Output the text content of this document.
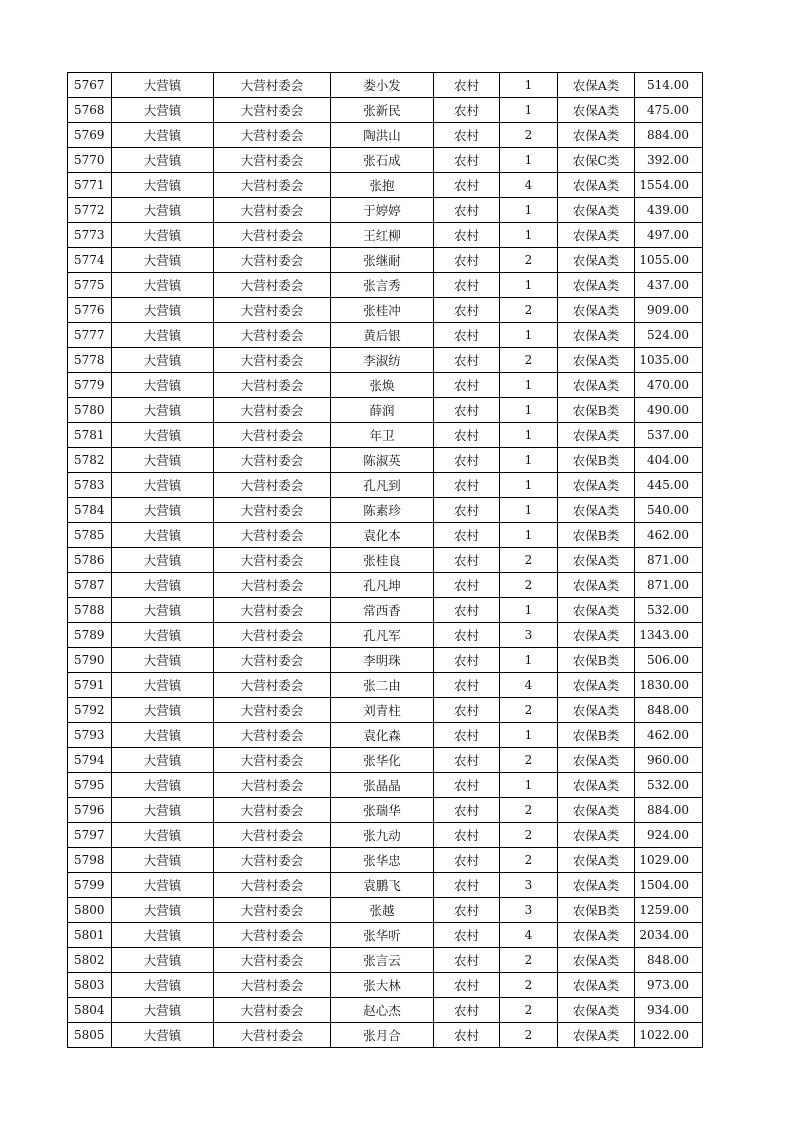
5767	大营镇	大营村委会	娄小发	农村	1	农保A类	514.00
5768	大营镇	大营村委会	张新民	农村	1	农保A类	475.00
5769	大营镇	大营村委会	陶洪山	农村	2	农保A类	884.00
5770	大营镇	大营村委会	张石成	农村	1	农保C类	392.00
5771	大营镇	大营村委会	张抱	农村	4	农保A类	1554.00
5772	大营镇	大营村委会	于婷婷	农村	1	农保A类	439.00
5773	大营镇	大营村委会	王红柳	农村	1	农保A类	497.00
5774	大营镇	大营村委会	张继耐	农村	2	农保A类	1055.00
5775	大营镇	大营村委会	张言秀	农村	1	农保A类	437.00
5776	大营镇	大营村委会	张桂冲	农村	2	农保A类	909.00
5777	大营镇	大营村委会	黄后银	农村	1	农保A类	524.00
5778	大营镇	大营村委会	李淑纺	农村	2	农保A类	1035.00
5779	大营镇	大营村委会	张焕	农村	1	农保A类	470.00
5780	大营镇	大营村委会	薛润	农村	1	农保B类	490.00
5781	大营镇	大营村委会	年卫	农村	1	农保A类	537.00
5782	大营镇	大营村委会	陈淑英	农村	1	农保B类	404.00
5783	大营镇	大营村委会	孔凡到	农村	1	农保A类	445.00
5784	大营镇	大营村委会	陈素珍	农村	1	农保A类	540.00
5785	大营镇	大营村委会	袁化本	农村	1	农保B类	462.00
5786	大营镇	大营村委会	张桂良	农村	2	农保A类	871.00
5787	大营镇	大营村委会	孔凡坤	农村	2	农保A类	871.00
5788	大营镇	大营村委会	常西香	农村	1	农保A类	532.00
5789	大营镇	大营村委会	孔凡军	农村	3	农保A类	1343.00
5790	大营镇	大营村委会	李明珠	农村	1	农保B类	506.00
5791	大营镇	大营村委会	张二由	农村	4	农保A类	1830.00
5792	大营镇	大营村委会	刘青柱	农村	2	农保A类	848.00
5793	大营镇	大营村委会	袁化森	农村	1	农保B类	462.00
5794	大营镇	大营村委会	张华化	农村	2	农保A类	960.00
5795	大营镇	大营村委会	张晶晶	农村	1	农保A类	532.00
5796	大营镇	大营村委会	张瑞华	农村	2	农保A类	884.00
5797	大营镇	大营村委会	张九动	农村	2	农保A类	924.00
5798	大营镇	大营村委会	张华忠	农村	2	农保A类	1029.00
5799	大营镇	大营村委会	袁鹏飞	农村	3	农保A类	1504.00
5800	大营镇	大营村委会	张越	农村	3	农保B类	1259.00
5801	大营镇	大营村委会	张华听	农村	4	农保A类	2034.00
5802	大营镇	大营村委会	张言云	农村	2	农保A类	848.00
5803	大营镇	大营村委会	张大林	农村	2	农保A类	973.00
5804	大营镇	大营村委会	赵心杰	农村	2	农保A类	934.00
5805	大营镇	大营村委会	张月合	农村	2	农保A类	1022.00
